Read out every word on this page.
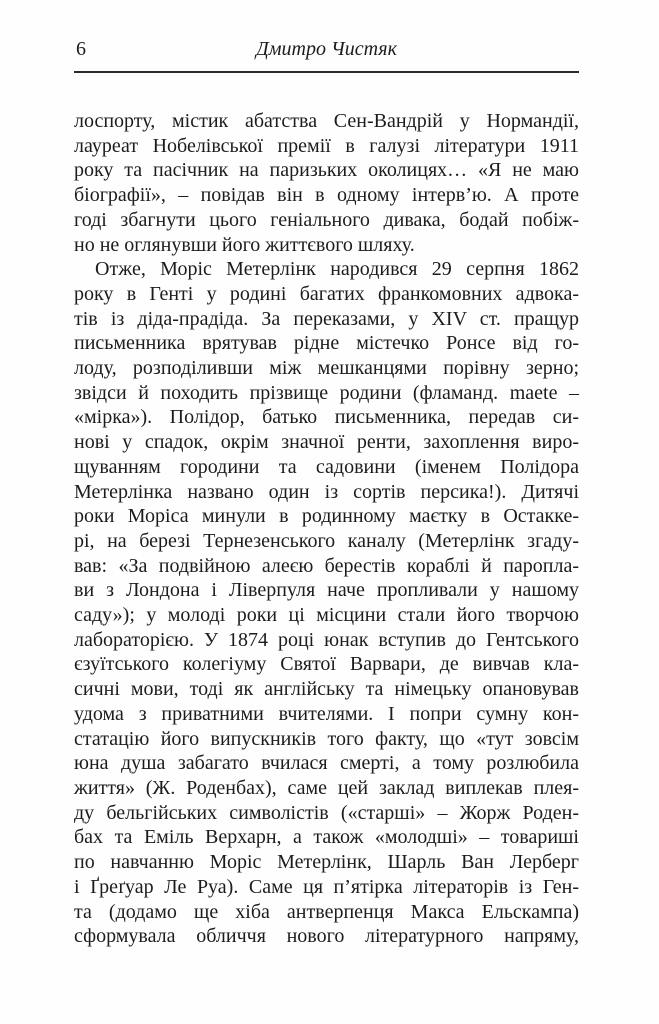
6	Дмитро Чистяк
лоспорту, містик абатства Сен-Вандрій у Нормандії,
лауреат Нобелівської премії в галузі літератури 1911
року та пасічник на паризьких околицях… «Я не маю
біографії», – повідав він в одному інтерв’ю. А проте
годі збагнути цього геніального дивака, бодай побіж-
но не оглянувши його життєвого шляху.
Отже, Моріс Метерлінк народився 29 серпня 1862
року в Генті у родині багатих франкомовних адвока-
тів із діда-прадіда. За переказами, у XIV ст. пращур
письменника врятував рідне містечко Ронсе від го-
лоду, розподіливши між мешканцями порівну зерно;
звідси й походить прізвище родини (фламанд. maete –
«мірка»). Полідор, батько письменника, передав си-
нові у спадок, окрім значної ренти, захоплення виро-
щуванням городини та садовини (іменем Полідора
Метерлінка названо один із сортів персика!). Дитячі
роки Моріса минули в родинному маєтку в Остакке-
рі, на березі Тернезенського каналу (Метерлінк згаду-
вав: «За подвійною алеєю берестів кораблі й паропла-
ви з Лондона і Ліверпуля наче пропливали у нашому
саду»); у молоді роки ці місцини стали його творчою
лабораторією. У 1874 році юнак вступив до Гентського
єзуїтського колегіуму Святої Варвари, де вивчав кла-
сичні мови, тоді як англійську та німецьку опановував
удома з приватними вчителями. І попри сумну кон-
статацію його випускників того факту, що «тут зовсім
юна душа забагато вчилася смерті, а тому розлюбила
життя» (Ж. Роденбах), саме цей заклад виплекав плея-
ду бельгійських символістів («старші» – Жорж Роден-
бах та Еміль Верхарн, а також «молодші» – товариші
по навчанню Моріс Метерлінк, Шарль Ван Лерберг
і Ґреґуар Ле Руа). Саме ця п’ятірка літераторів із Ген-
та (додамо ще хіба антверпенця Макса Ельскампа)
сформувала обличчя нового літературного напряму,
